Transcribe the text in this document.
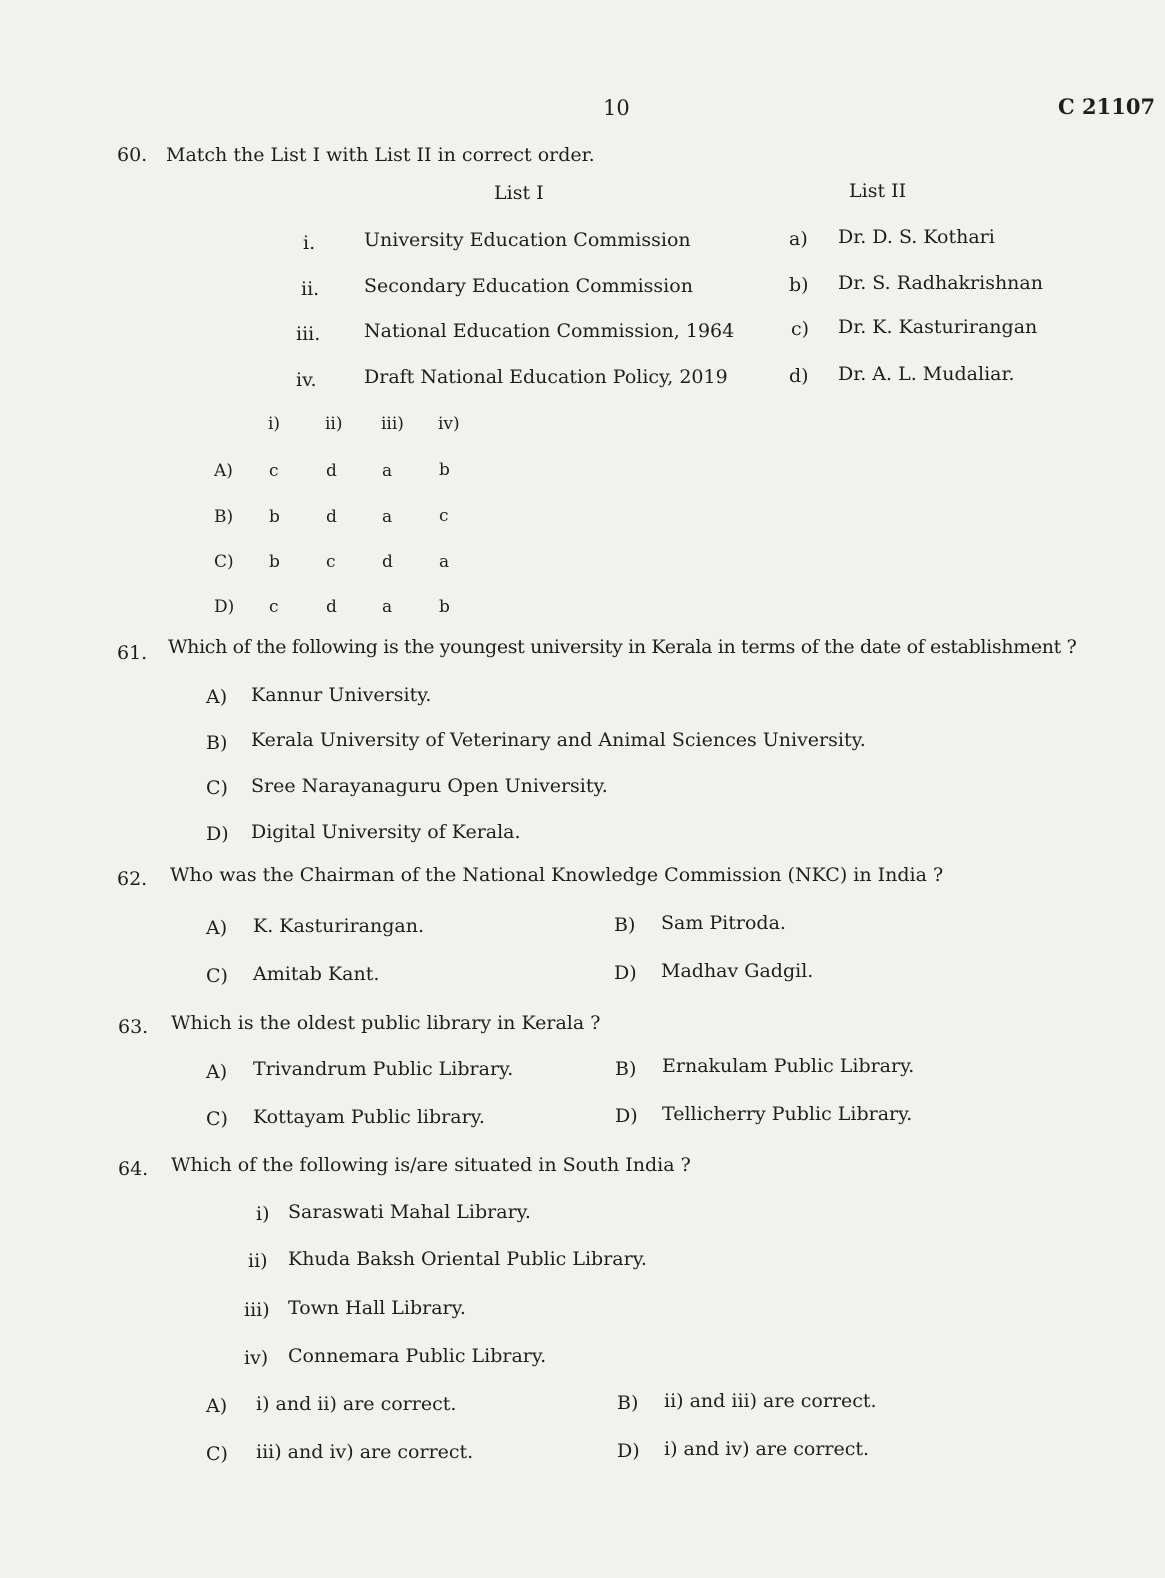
10	C 21107
60. Match the List I with List II in correct order.
List I	List II
i.	University Education Commission	a) Dr. D. S. Kothari
ii. Secondary Education Commission	b) Dr. S. Radhakrishnan
iii. National Education Commission, 1964	c) Dr. K. Kasturirangan
iv. Draft National Education Policy, 2019	d) Dr. A. L. Mudaliar.
i)	ii) iii) iv)
A) c	d	a	b
B) b	d	a	c
C) b	c	d	a
D) c	d	a	b
61. Which of the following is the youngest university in Kerala in terms of the date of establishment ?
A) Kannur University.
B) Kerala University of Veterinary and Animal Sciences University.
C) Sree Narayanaguru Open University.
D) Digital University of Kerala.
62. Who was the Chairman of the National Knowledge Commission (NKC) in India ?
A) K. Kasturirangan.	B) Sam Pitroda.
C) Amitab Kant.	D) Madhav Gadgil.
63. Which is the oldest public library in Kerala ?
A) Trivandrum Public Library.	B) Ernakulam Public Library.
C) Kottayam Public library.	D) Tellicherry Public Library.
64. Which of the following is/are situated in South India ?
i) Saraswati Mahal Library.
ii) Khuda Baksh Oriental Public Library.
iii) Town Hall Library.
iv) Connemara Public Library.
A) i) and ii) are correct.	B) ii) and iii) are correct.
C) iii) and iv) are correct.	D) i) and iv) are correct.
